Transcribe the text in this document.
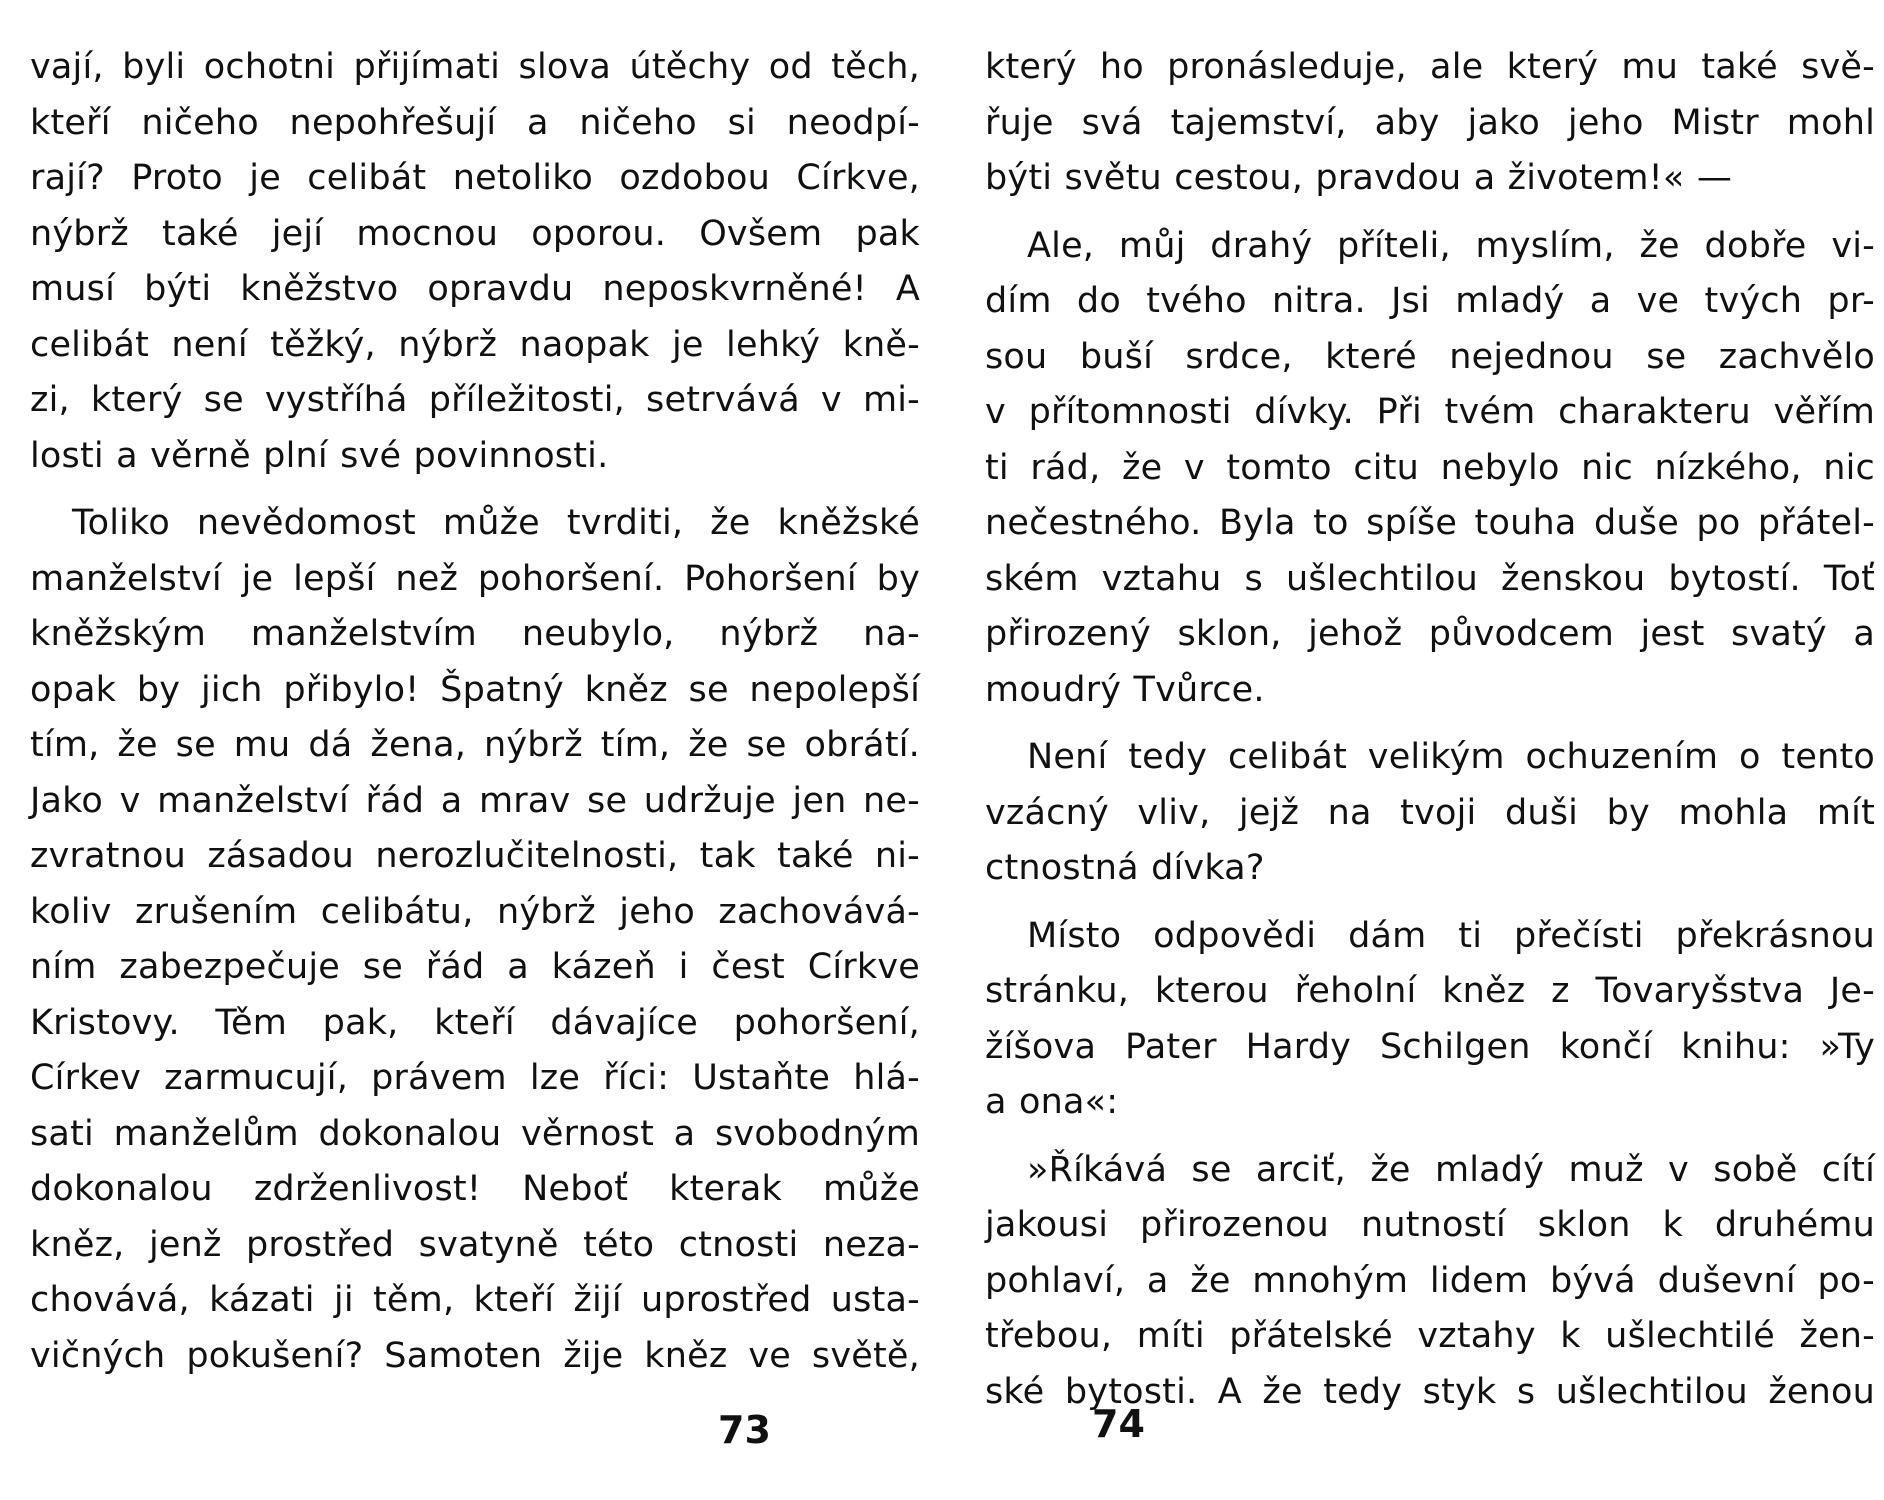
vají, byli ochotni přijímati slova útěchy od těch,
kteří ničeho nepohřešují a ničeho si neodpí-
rají? Proto je celibát netoliko ozdobou Církve,
nýbrž také její mocnou oporou. Ovšem pak
musí býti kněžstvo opravdu neposkvrněné! A
celibát není těžký, nýbrž naopak je lehký kně-
zi, který se vystříhá příležitosti, setrvává v mi-
losti a věrně plní své povinnosti.
Toliko nevědomost může tvrditi, že kněžské
manželství je lepší než pohoršení. Pohoršení by
kněžským manželstvím neubylo, nýbrž na-
opak by jich přibylo! Špatný kněz se nepolepší
tím, že se mu dá žena, nýbrž tím, že se obrátí.
Jako v manželství řád a mrav se udržuje jen ne-
zvratnou zásadou nerozlučitelnosti, tak také ni-
koliv zrušením celibátu, nýbrž jeho zachovává-
ním zabezpečuje se řád a kázeň i čest Církve
Kristovy. Těm pak, kteří dávajíce pohoršení,
Církev zarmucují, právem lze říci: Ustaňte hlá-
sati manželům dokonalou věrnost a svobodným
dokonalou zdrženlivost! Neboť kterak může
kněz, jenž prostřed svatyně této ctnosti neza-
chovává, kázati ji těm, kteří žijí uprostřed usta-
vičných pokušení? Samoten žije kněz ve světě,
který ho pronásleduje, ale který mu také svě-
řuje svá tajemství, aby jako jeho Mistr mohl
býti světu cestou, pravdou a životem!« —
Ale, můj drahý příteli, myslím, že dobře vi-
dím do tvého nitra. Jsi mladý a ve tvých pr-
sou buší srdce, které nejednou se zachvělo
v přítomnosti dívky. Při tvém charakteru věřím
ti rád, že v tomto citu nebylo nic nízkého, nic
nečestného. Byla to spíše touha duše po přátel-
ském vztahu s ušlechtilou ženskou bytostí. Toť
přirozený sklon, jehož původcem jest svatý a
moudrý Tvůrce.
Není tedy celibát velikým ochuzením o tento
vzácný vliv, jejž na tvoji duši by mohla mít
ctnostná dívka?
Místo odpovědi dám ti přečísti překrásnou
stránku, kterou řeholní kněz z Tovaryšstva Je-
žíšova Pater Hardy Schilgen končí knihu: »Ty
a ona«:
»Říkává se arciť, že mladý muž v sobě cítí
jakousi přirozenou nutností sklon k druhému
pohlaví, a že mnohým lidem bývá duševní po-
třebou, míti přátelské vztahy k ušlechtilé žen-
ské bytosti. A že tedy styk s ušlechtilou ženou
73	74
